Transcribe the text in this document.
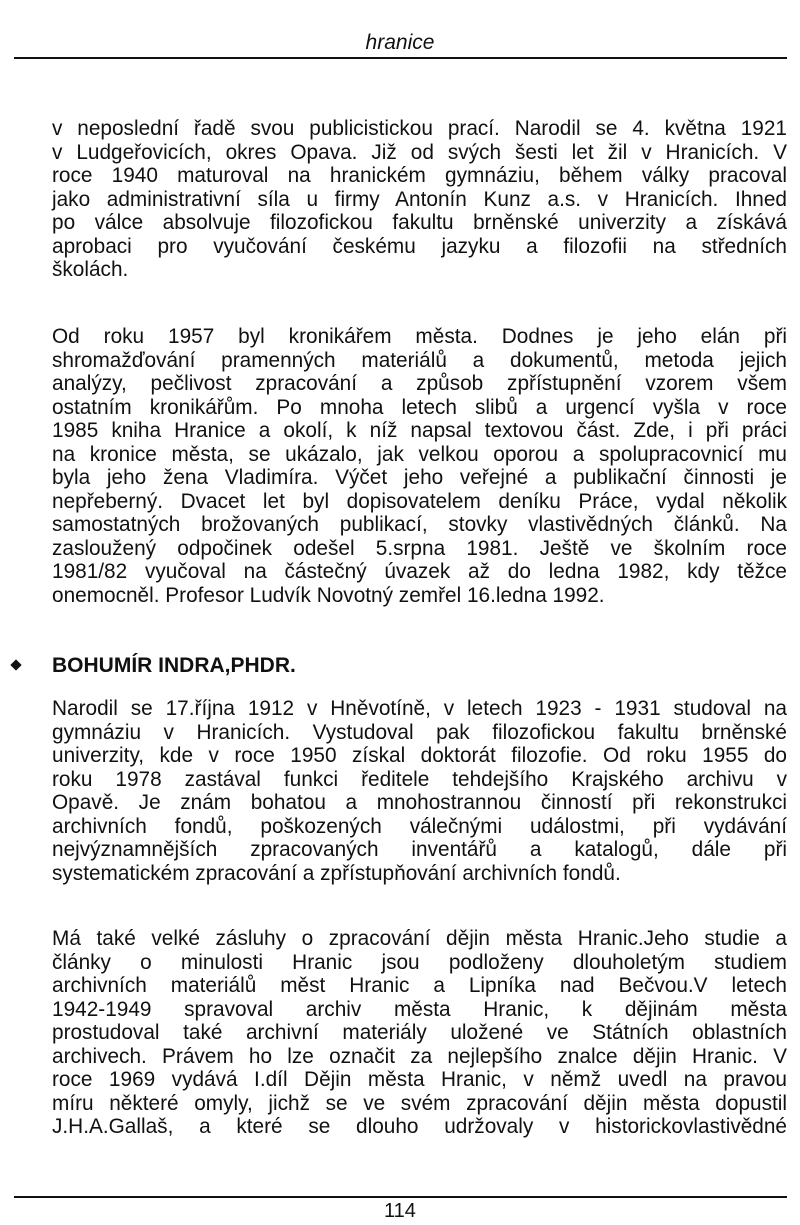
hranice
v neposlední řadě svou publicistickou prací. Narodil se 4. května 1921
v Ludgeřovicích, okres Opava. Již od svých šesti let žil v Hranicích. V
roce 1940 maturoval na hranickém gymnáziu, během války pracoval
jako administrativní síla u firmy Antonín Kunz a.s. v Hranicích. Ihned
po válce absolvuje filozofickou fakultu brněnské univerzity a získává
aprobaci pro vyučování českému jazyku a filozofii na středních
školách.
Od roku 1957 byl kronikářem města. Dodnes je jeho elán při
shromažďování pramenných materiálů a dokumentů, metoda jejich
analýzy, pečlivost zpracování a způsob zpřístupnění vzorem všem
ostatním kronikářům. Po mnoha letech slibů a urgencí vyšla v roce
1985 kniha Hranice a okolí, k níž napsal textovou část. Zde, i při práci
na kronice města, se ukázalo, jak velkou oporou a spolupracovnicí mu
byla jeho žena Vladimíra. Výčet jeho veřejné a publikační činnosti je
nepřeberný. Dvacet let byl dopisovatelem deníku Práce, vydal několik
samostatných brožovaných publikací, stovky vlastivědných článků. Na
zasloužený odpočinek odešel 5.srpna 1981. Ještě ve školním roce
1981/82 vyučoval na částečný úvazek až do ledna 1982, kdy těžce
onemocněl. Profesor Ludvík Novotný zemřel 16.ledna 1992.
BOHUMÍR INDRA,PHDR.
Narodil se 17.října 1912 v Hněvotíně, v letech 1923 - 1931 studoval na
gymnáziu v Hranicích. Vystudoval pak filozofickou fakultu brněnské
univerzity, kde v roce 1950 získal doktorát filozofie. Od roku 1955 do
roku 1978 zastával funkci ředitele tehdejšího Krajského archivu v
Opavě. Je znám bohatou a mnohostrannou činností při rekonstrukci
archivních fondů, poškozených válečnými událostmi, při vydávání
nejvýznamnějších zpracovaných inventářů a katalogů, dále při
systematickém zpracování a zpřístupňování archivních fondů.
Má také velké zásluhy o zpracování dějin města Hranic.Jeho studie a
články o minulosti Hranic jsou podloženy dlouholetým studiem
archivních materiálů měst Hranic a Lipníka nad Bečvou.V letech
1942-1949 spravoval archiv města Hranic, k dějinám města
prostudoval také archivní materiály uložené ve Státních oblastních
archivech. Právem ho lze označit za nejlepšího znalce dějin Hranic. V
roce 1969 vydává I.díl Dějin města Hranic, v němž uvedl na pravou
míru některé omyly, jichž se ve svém zpracování dějin města dopustil
J.H.A.Gallaš, a které se dlouho udržovaly v historickovlastivědné
114
